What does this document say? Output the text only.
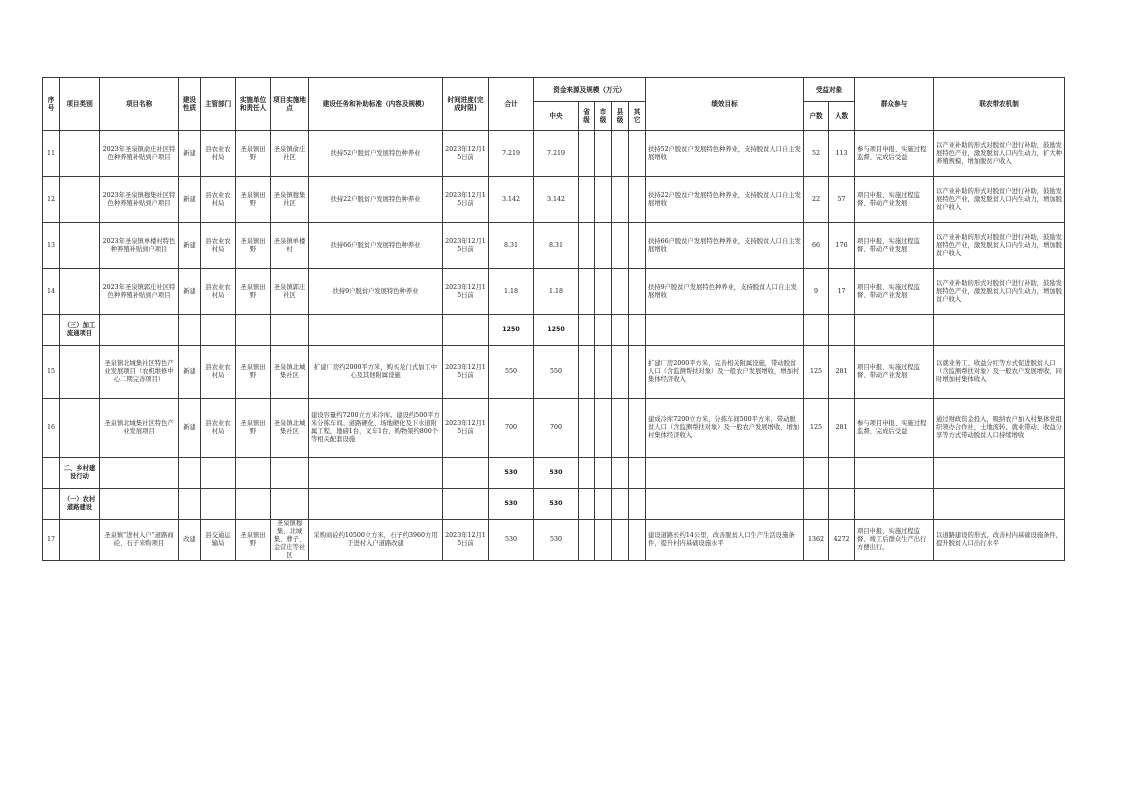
序号	项目类别	项目名称	建设性质	主管部门	实施单位和责任人	项目实施地点	建设任务和补助标准（内容及规模）	时间进度(完成时限)	合计	资金来源及规模（万元）					绩效目标	受益对象		群众参与	联农带农机制
										中央	省级	市级	县级	其它		户数	人数		
11		2023年圣泉镇俞庄社区特色种养殖补贴到户项目	新建	县农业农村局	圣泉镇田野	圣泉镇俞庄社区	扶持52户脱贫户发展特色种养业	2023年12月15日前	7.219	7.219					扶持52户脱贫户发展特色种养业，支持脱贫人口自主发展增收	52	113	参与项目申报、实施过程监督、完成后受益	以产业补助的形式对脱贫户进行补助，鼓励发展特色产业，激发脱贫人口内生动力，扩大种养殖规模，增加脱贫户收入
12		2023年圣泉镇穆集社区特色种养殖补贴到户项目	新建	县农业农村局	圣泉镇田野	圣泉镇穆集社区	扶持22户脱贫户发展特色种养业	2023年12月15日前	3.142	3.142					扶持22户脱贫户发展特色种养业，支持脱贫人口自主发展增收	22	57	项目申报、实施过程监督、带动产业发展	以产业补助的形式对脱贫户进行补助，鼓励发展特色产业，激发脱贫人口内生动力，增加脱贫户收入
13		2023年圣泉镇单楼村特色种养殖补贴到户项目	新建	县农业农村局	圣泉镇田野	圣泉镇单楼村	扶持66户脱贫户发展特色种养业	2023年12月15日前	8.31	8.31					扶持66户脱贫户发展特色种养业，支持脱贫人口自主发展增收	66	176	项目申报、实施过程监督、带动产业发展	以产业补助的形式对脱贫户进行补助，鼓励发展特色产业，激发脱贫人口内生动力，增加脱贫户收入
14		2023年圣泉镇郭庄社区特色种养殖补贴到户项目	新建	县农业农村局	圣泉镇田野	圣泉镇郭庄社区	扶持9户脱贫户发展特色种养业	2023年12月15日前	1.18	1.18					扶持9户脱贫户发展特色种养业，支持脱贫人口自主发展增收	9	17	项目申报、实施过程监督、带动产业发展	以产业补助的形式对脱贫户进行补助，鼓励发展特色产业，激发脱贫人口内生动力，增加脱贫户收入
	（三）加工流通项目								1250	1250									
15		圣泉镇北城集社区特色产业发展项目（农机维修中心二期完善项目）	新建	县农业农村局	圣泉镇田野	圣泉镇北城集社区	扩建厂房约2000平方米，购买龙门式加工中心及其他附属设施	2023年12月15日前	550	550					扩建厂房2000平方米，完善相关附属设施，带动脱贫人口（含监测帮扶对象）及一般农户发展增收，增加村集体经济收入	125	281	项目申报、实施过程监督、带动产业发展	以就业务工、收益分红等方式促进脱贫人口（含监测帮扶对象）及一般农户发展增收，同时增加村集体收入
16		圣泉镇北城集社区特色产业发展项目	新建	县农业农村局	圣泉镇田野	圣泉镇北城集社区	建设容量约7200立方米冷库。建设约500平方米分拣车间。道路硬化、场地硬化及下水道附属工程，地磅1台，叉车1台，购物架约800个等相关配套设施	2023年12月15日前	700	700					建成冷库7200立方米，分拣车间500平方米，带动脱贫人口（含监测帮扶对象）及一般农户发展增收，增加村集体经济收入	125	281	参与项目申报、实施过程监督、完成后受益	通过财政资金投入，吸纳农户加入村集体党组织领办合作社，土地流转、就业带动、收益分享等方式带动脱贫人口持续增收
	二、乡村建设行动								530	530									
	（一）农村道路建设								530	530									
17		圣泉镇“进村入户”道路商砼、石子米购项目	改建	县交通运输局	圣泉镇田野	圣泉镇穆集、北城集、曹子、金营庄等社区	采购商砼约10500立方米，石子约3960方用于进村入户道路改建	2023年12月15日前	530	530					建设道路长约14公里，改善脱贫人口生产生活设施条件，提升村内基础设施水平	1362	4272	项目申报、实施过程监督、竣工后群众生产出行方便出行。	以道路建设的形式，改善村内基础设施条件，提升脱贫人口出行水平
